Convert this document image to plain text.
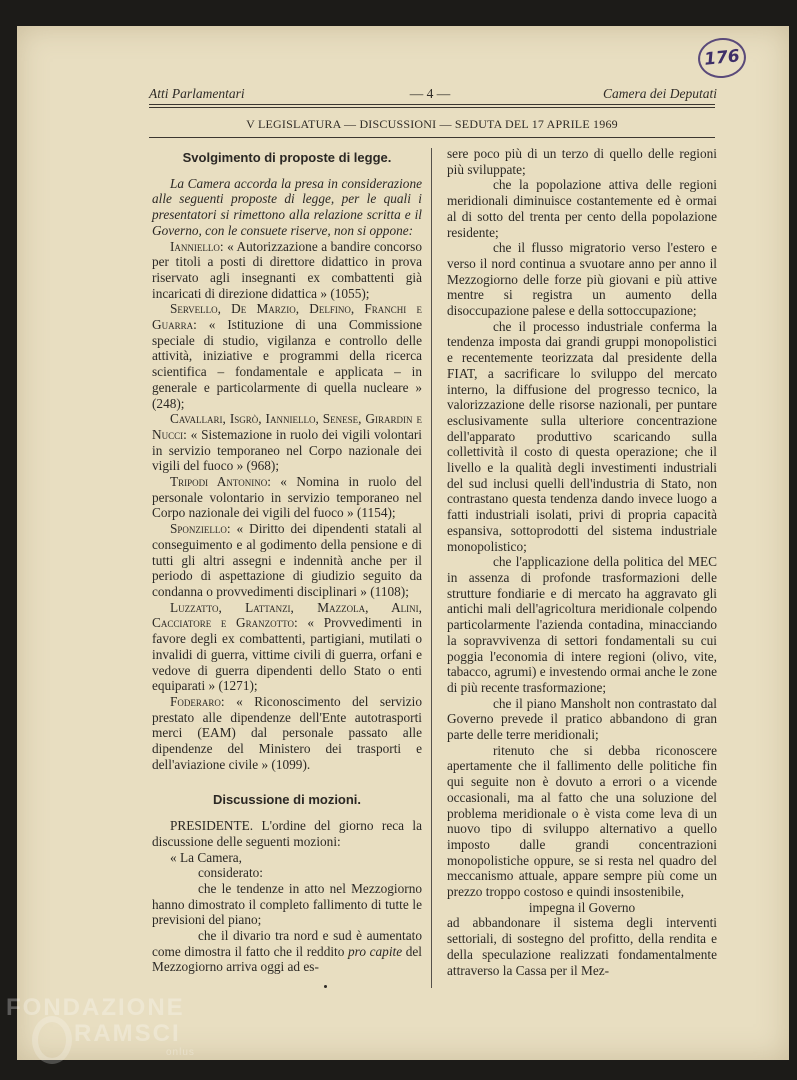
176
Atti Parlamentari	— 4 —	Camera dei Deputati
V LEGISLATURA — DISCUSSIONI — SEDUTA DEL 17 APRILE 1969
Svolgimento di proposte di legge.

La Camera accorda la presa in considerazione alle seguenti proposte di legge, per le quali i presentatori si rimettono alla relazione scritta e il Governo, con le consuete riserve, non si oppone:

Ianniello: « Autorizzazione a bandire concorso per titoli a posti di direttore didattico in prova riservato agli insegnanti ex combattenti già incaricati di direzione didattica » (1055);

Servello, De Marzio, Delfino, Franchi e Guarra: « Istituzione di una Commissione speciale di studio, vigilanza e controllo delle attività, iniziative e programmi della ricerca scientifica – fondamentale e applicata – in generale e particolarmente di quella nucleare » (248);

Cavallari, Isgrò, Ianniello, Senese, Girardin e Nucci: « Sistemazione in ruolo dei vigili volontari in servizio temporaneo nel Corpo nazionale dei vigili del fuoco » (968);

Tripodi Antonino: « Nomina in ruolo del personale volontario in servizio temporaneo nel Corpo nazionale dei vigili del fuoco » (1154);

Sponziello: « Diritto dei dipendenti statali al conseguimento e al godimento della pensione e di tutti gli altri assegni e indennità anche per il periodo di aspettazione di giudizio seguito da condanna o provvedimenti disciplinari » (1108);

Luzzatto, Lattanzi, Mazzola, Alini, Cacciatore e Granzotto: « Provvedimenti in favore degli ex combattenti, partigiani, mutilati o invalidi di guerra, vittime civili di guerra, orfani e vedove di guerra dipendenti dello Stato o enti equiparati » (1271);

Foderaro: « Riconoscimento del servizio prestato alle dipendenze dell'Ente autotrasporti merci (EAM) dal personale passato alle dipendenze del Ministero dei trasporti e dell'aviazione civile » (1099).

Discussione di mozioni.

PRESIDENTE. L'ordine del giorno reca la discussione delle seguenti mozioni:

« La Camera,

considerato:

che le tendenze in atto nel Mezzogiorno hanno dimostrato il completo fallimento di tutte le previsioni del piano;

che il divario tra nord e sud è aumentato come dimostra il fatto che il reddito pro capite del Mezzogiorno arriva oggi ad es-

sere poco più di un terzo di quello delle regioni più sviluppate;

che la popolazione attiva delle regioni meridionali diminuisce costantemente ed è ormai al di sotto del trenta per cento della popolazione residente;

che il flusso migratorio verso l'estero e verso il nord continua a svuotare anno per anno il Mezzogiorno delle forze più giovani e più attive mentre si registra un aumento della disoccupazione palese e della sottoccupazione;

che il processo industriale conferma la tendenza imposta dai grandi gruppi monopolistici e recentemente teorizzata dal presidente della FIAT, a sacrificare lo sviluppo del mercato interno, la diffusione del progresso tecnico, la valorizzazione delle risorse nazionali, per puntare esclusivamente sulla ulteriore concentrazione dell'apparato produttivo scaricando sulla collettività il costo di questa operazione; che il livello e la qualità degli investimenti industriali del sud inclusi quelli dell'industria di Stato, non contrastano questa tendenza dando invece luogo a fatti industriali isolati, privi di propria capacità espansiva, sottoprodotti del sistema industriale monopolistico;

che l'applicazione della politica del MEC in assenza di profonde trasformazioni delle strutture fondiarie e di mercato ha aggravato gli antichi mali dell'agricoltura meridionale colpendo particolarmente l'azienda contadina, minacciando la sopravvivenza di settori fondamentali su cui poggia l'economia di intere regioni (olivo, vite, tabacco, agrumi) e investendo ormai anche le zone di più recente trasformazione;

che il piano Mansholt non contrastato dal Governo prevede il pratico abbandono di gran parte delle terre meridionali;

ritenuto che si debba riconoscere apertamente che il fallimento delle politiche fin qui seguite non è dovuto a errori o a vicende occasionali, ma al fatto che una soluzione del problema meridionale o è vista come leva di un nuovo tipo di sviluppo alternativo a quello imposto dalle grandi concentrazioni monopolistiche oppure, se si resta nel quadro del meccanismo attuale, appare sempre più come un prezzo troppo costoso e quindi insostenibile,

impegna il Governo

ad abbandonare il sistema degli interventi settoriali, di sostegno del profitto, della rendita e della speculazione realizzati fondamentalmente attraverso la Cassa per il Mez-

FONDAZIONE
RAMSCI
onlus
